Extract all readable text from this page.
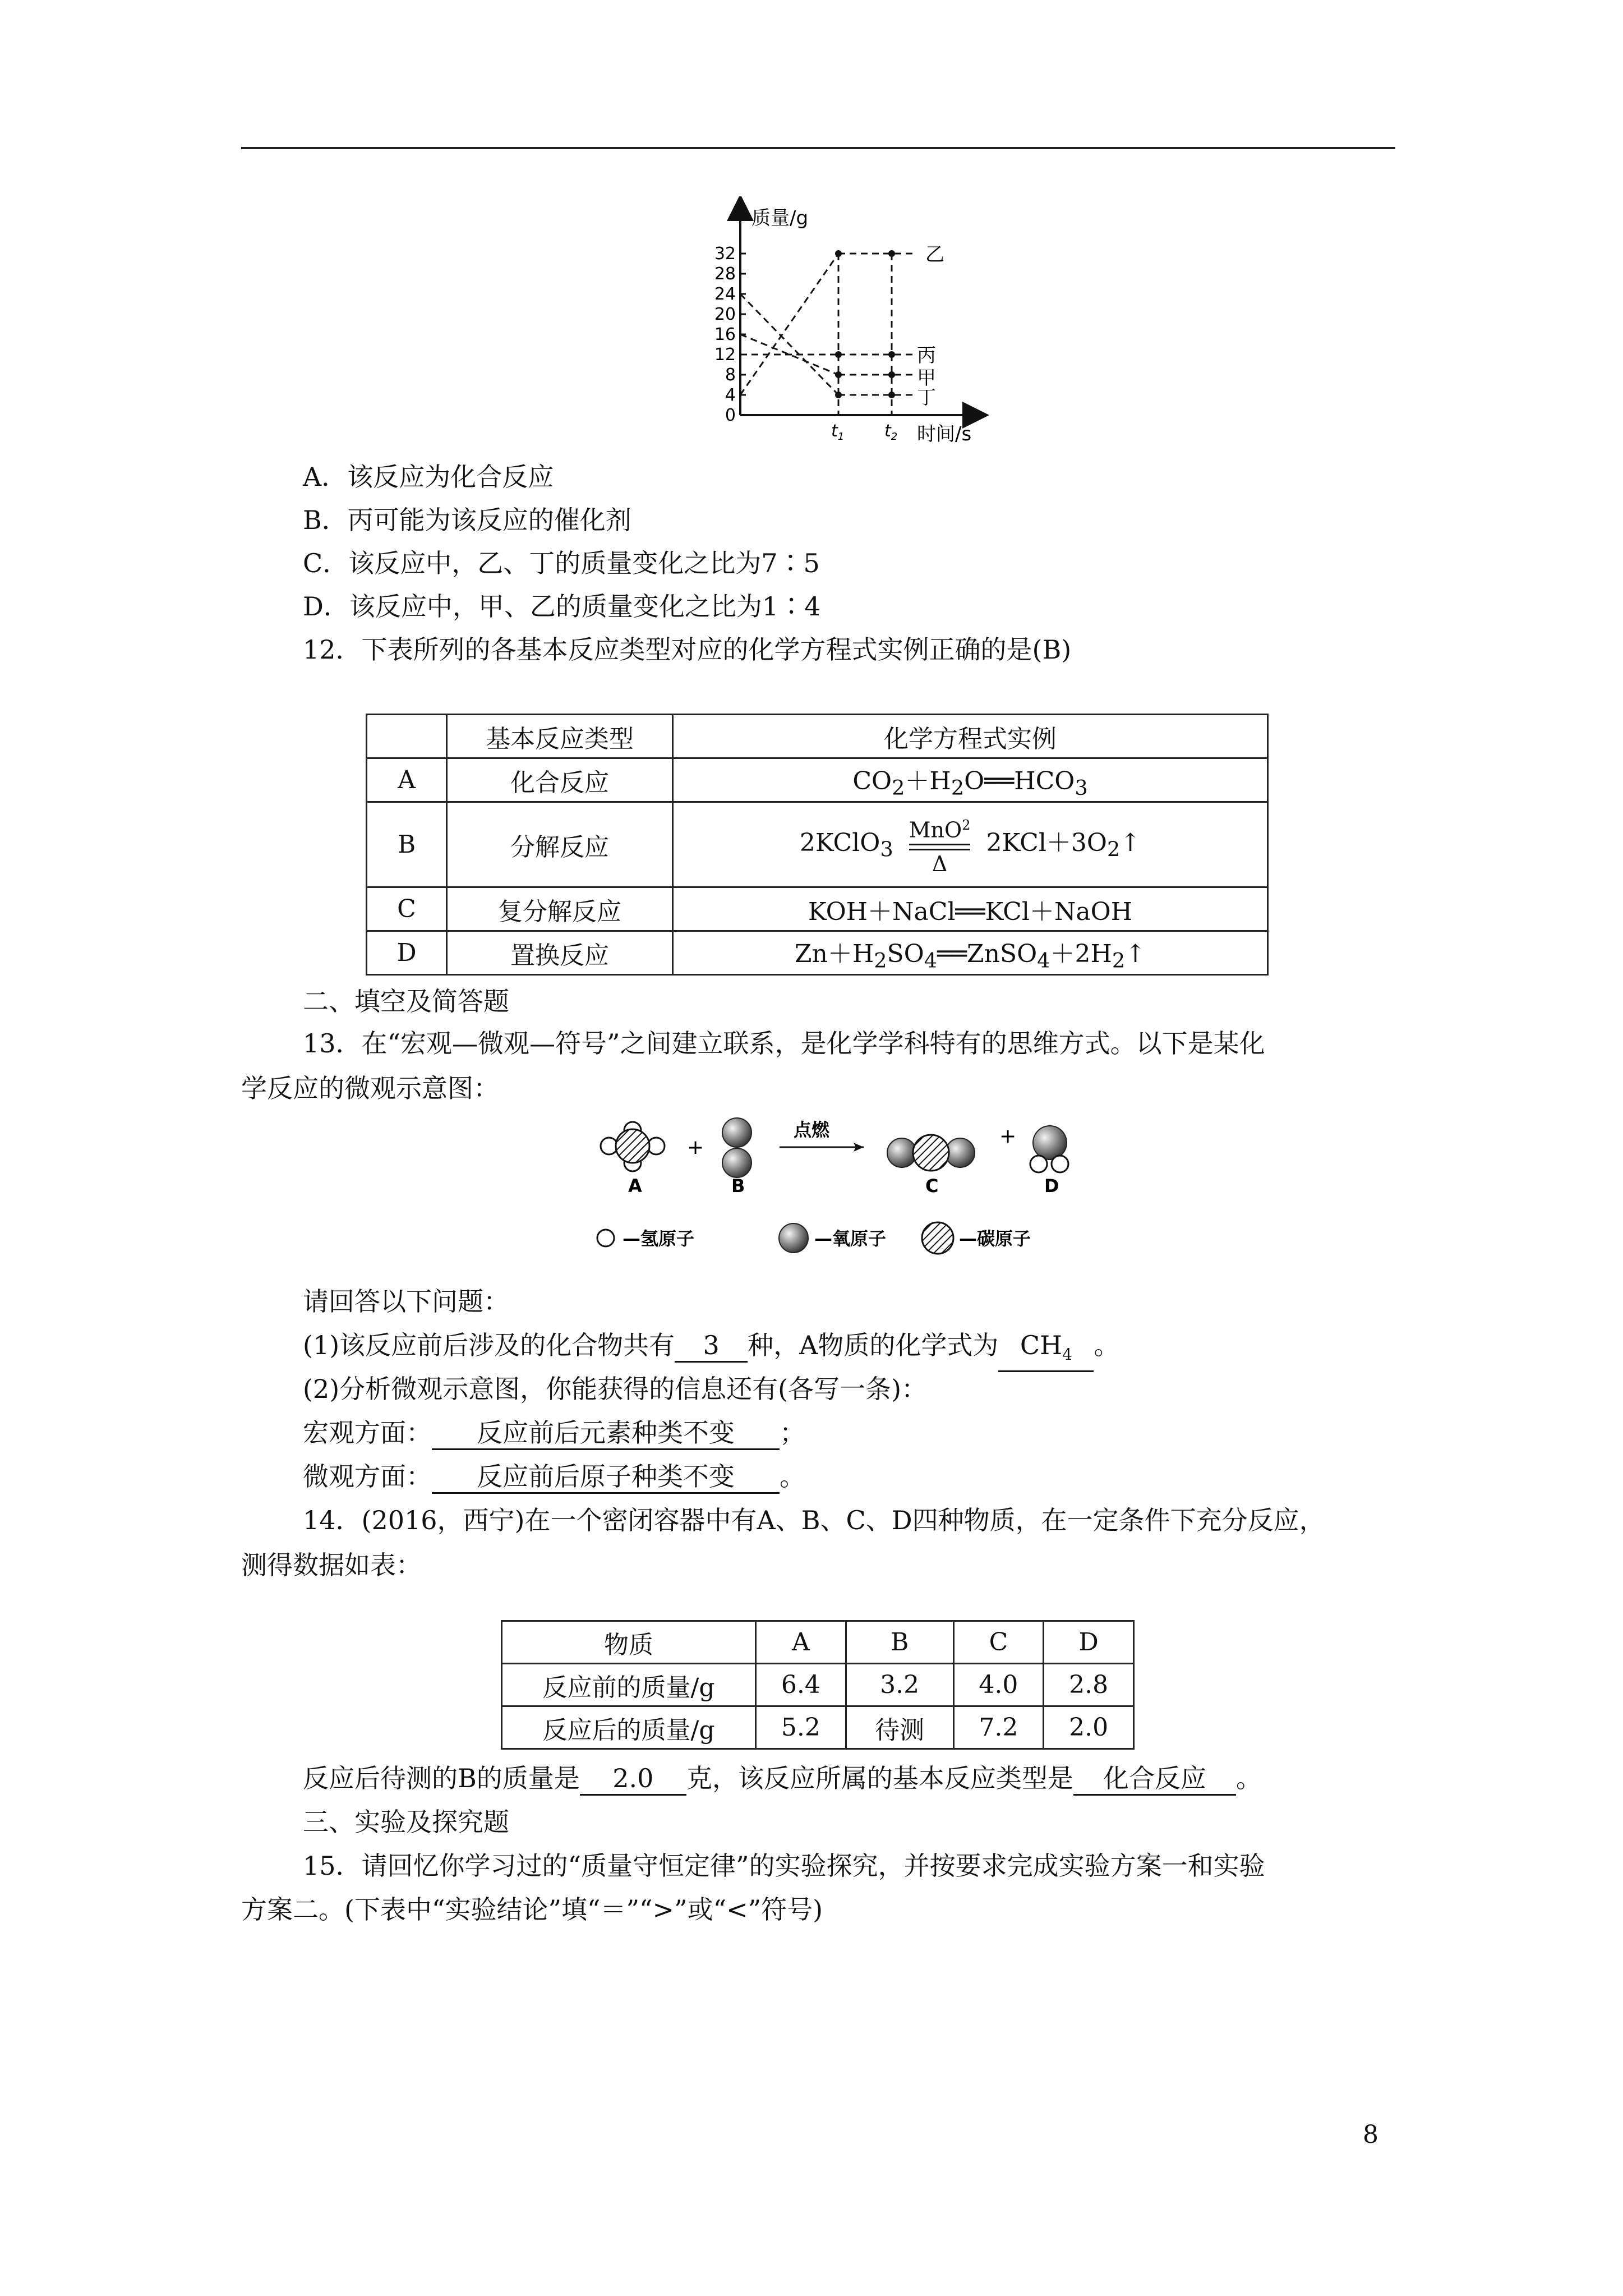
质量/g
时间/s
32
28
24
20
16
12
8
4
0
$t_1$ $t_2$
乙
丙
甲
丁
A．该反应为化合反应
B．丙可能为该反应的催化剂
C．该反应中，乙、丁的质量变化之比为7∶5
D．该反应中，甲、乙的质量变化之比为1∶4
12．下表所列的各基本反应类型对应的化学方程式实例正确的是(B)
	基本反应类型	化学方程式实例
A	化合反应	$CO_2+H_2O══HCO_3$
B	分解反应	2KClO$_3$
MnO$^2$
Δ
$2KCl+3O_2↑$
C	复分解反应	KOH＋NaCl══KCl＋NaOH
D	置换反应	$Zn+H_2SO_4══ZnSO_4+2H_2↑$
二、填空及简答题
13．在“宏观—微观—符号”之间建立联系，是化学学科特有的思维方式。以下是某化
学反应的微观示意图：
A
+
B
点燃
C
+
D
—氢原子	—氧原子	—碳原子
请回答以下问题：
(1)该反应前后涉及的化合物共有 3 种，A物质的化学式为 $CH_4$ 。
(2)分析微观示意图，你能获得的信息还有(各写一条)：
宏观方面： 反应前后元素种类不变 ；
微观方面： 反应前后原子种类不变 。
14．(2016，西宁)在一个密闭容器中有A、B、C、D四种物质，在一定条件下充分反应，
测得数据如表：
物质	A	B	C	D
反应前的质量/g	6.4	3.2	4.0	2.8
反应后的质量/g	5.2	待测	7.2	2.0
反应后待测的B的质量是 2.0 克，该反应所属的基本反应类型是 化合反应 。
三、实验及探究题
15．请回忆你学习过的“质量守恒定律”的实验探究，并按要求完成实验方案一和实验
方案二。(下表中“实验结论”填“＝”“>”或“<”符号)
8
